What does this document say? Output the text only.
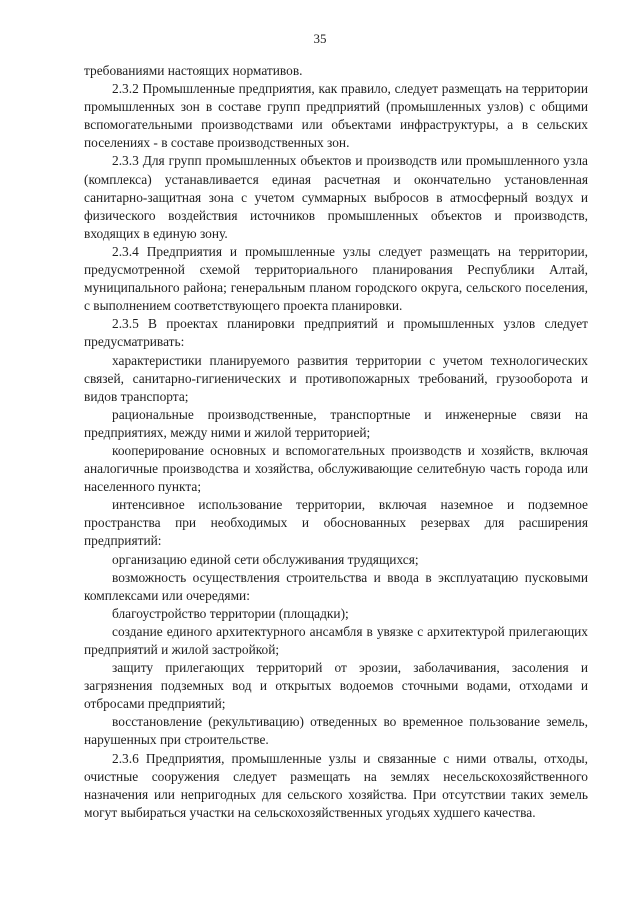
35

требованиями настоящих нормативов.

2.3.2 Промышленные предприятия, как правило, следует размещать на территории промышленных зон в составе групп предприятий (промышленных узлов) с общими вспомогательными производствами или объектами инфраструктуры, а в сельских поселениях - в составе производственных зон.

2.3.3 Для групп промышленных объектов и производств или промышленного узла (комплекса) устанавливается единая расчетная и окончательно установленная санитарно-защитная зона с учетом суммарных выбросов в атмосферный воздух и физического воздействия источников промышленных объектов и производств, входящих в единую зону.

2.3.4 Предприятия и промышленные узлы следует размещать на территории, предусмотренной схемой территориального планирования Республики Алтай, муниципального района; генеральным планом городского округа, сельского поселения, с выполнением соответствующего проекта планировки.

2.3.5 В проектах планировки предприятий и промышленных узлов следует предусматривать:

характеристики планируемого развития территории с учетом технологических связей, санитарно-гигиенических и противопожарных требований, грузооборота и видов транспорта;

рациональные производственные, транспортные и инженерные связи на предприятиях, между ними и жилой территорией;

кооперирование основных и вспомогательных производств и хозяйств, включая аналогичные производства и хозяйства, обслуживающие селитебную часть города или населенного пункта;

интенсивное использование территории, включая наземное и подземное пространства при необходимых и обоснованных резервах для расширения предприятий:

организацию единой сети обслуживания трудящихся;

возможность осуществления строительства и ввода в эксплуатацию пусковыми комплексами или очередями:

благоустройство территории (площадки);

создание единого архитектурного ансамбля в увязке с архитектурой прилегающих предприятий и жилой застройкой;

защиту прилегающих территорий от эрозии, заболачивания, засоления и загрязнения подземных вод и открытых водоемов сточными водами, отходами и отбросами предприятий;

восстановление (рекультивацию) отведенных во временное пользование земель, нарушенных при строительстве.

2.3.6 Предприятия, промышленные узлы и связанные с ними отвалы, отходы, очистные сооружения следует размещать на землях несельскохозяйственного назначения или непригодных для сельского хозяйства. При отсутствии таких земель могут выбираться участки на сельскохозяйственных угодьях худшего качества.
